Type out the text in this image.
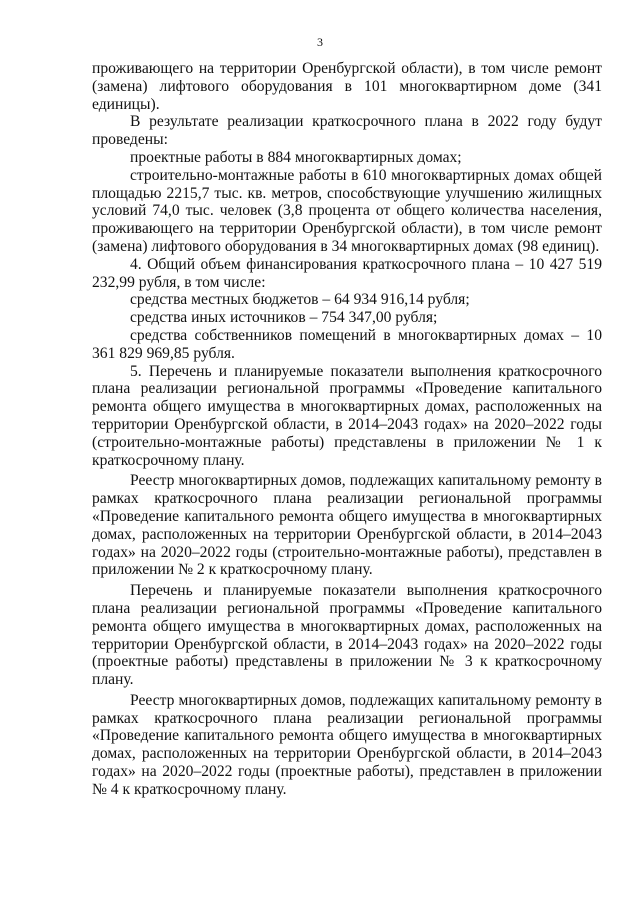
3

проживающего на территории Оренбургской области), в том числе ремонт (замена) лифтового оборудования в 101 многоквартирном доме (341 единицы).

В результате реализации краткосрочного плана в 2022 году будут проведены:

проектные работы в 884 многоквартирных домах;

строительно-монтажные работы в 610 многоквартирных домах общей площадью 2215,7 тыс. кв. метров, способствующие улучшению жилищных условий 74,0 тыс. человек (3,8 процента от общего количества населения, проживающего на территории Оренбургской области), в том числе ремонт (замена) лифтового оборудования в 34 многоквартирных домах (98 единиц).

4. Общий объем финансирования краткосрочного плана – 10 427 519 232,99 рубля, в том числе:

средства местных бюджетов – 64 934 916,14 рубля;

средства иных источников – 754 347,00 рубля;

средства собственников помещений в многоквартирных домах – 10 361 829 969,85 рубля.

5. Перечень и планируемые показатели выполнения краткосрочного плана реализации региональной программы «Проведение капитального ремонта общего имущества в многоквартирных домах, расположенных на территории Оренбургской области, в 2014–2043 годах» на 2020–2022 годы (строительно-монтажные работы) представлены в приложении № 1 к краткосрочному плану.

Реестр многоквартирных домов, подлежащих капитальному ремонту в рамках краткосрочного плана реализации региональной программы «Проведение капитального ремонта общего имущества в многоквартирных домах, расположенных на территории Оренбургской области, в 2014–2043 годах» на 2020–2022 годы (строительно-монтажные работы), представлен в приложении № 2 к краткосрочному плану.

Перечень и планируемые показатели выполнения краткосрочного плана реализации региональной программы «Проведение капитального ремонта общего имущества в многоквартирных домах, расположенных на территории Оренбургской области, в 2014–2043 годах» на 2020–2022 годы (проектные работы) представлены в приложении № 3 к краткосрочному плану.

Реестр многоквартирных домов, подлежащих капитальному ремонту в рамках краткосрочного плана реализации региональной программы «Проведение капитального ремонта общего имущества в многоквартирных домах, расположенных на территории Оренбургской области, в 2014–2043 годах» на 2020–2022 годы (проектные работы), представлен в приложении № 4 к краткосрочному плану.
